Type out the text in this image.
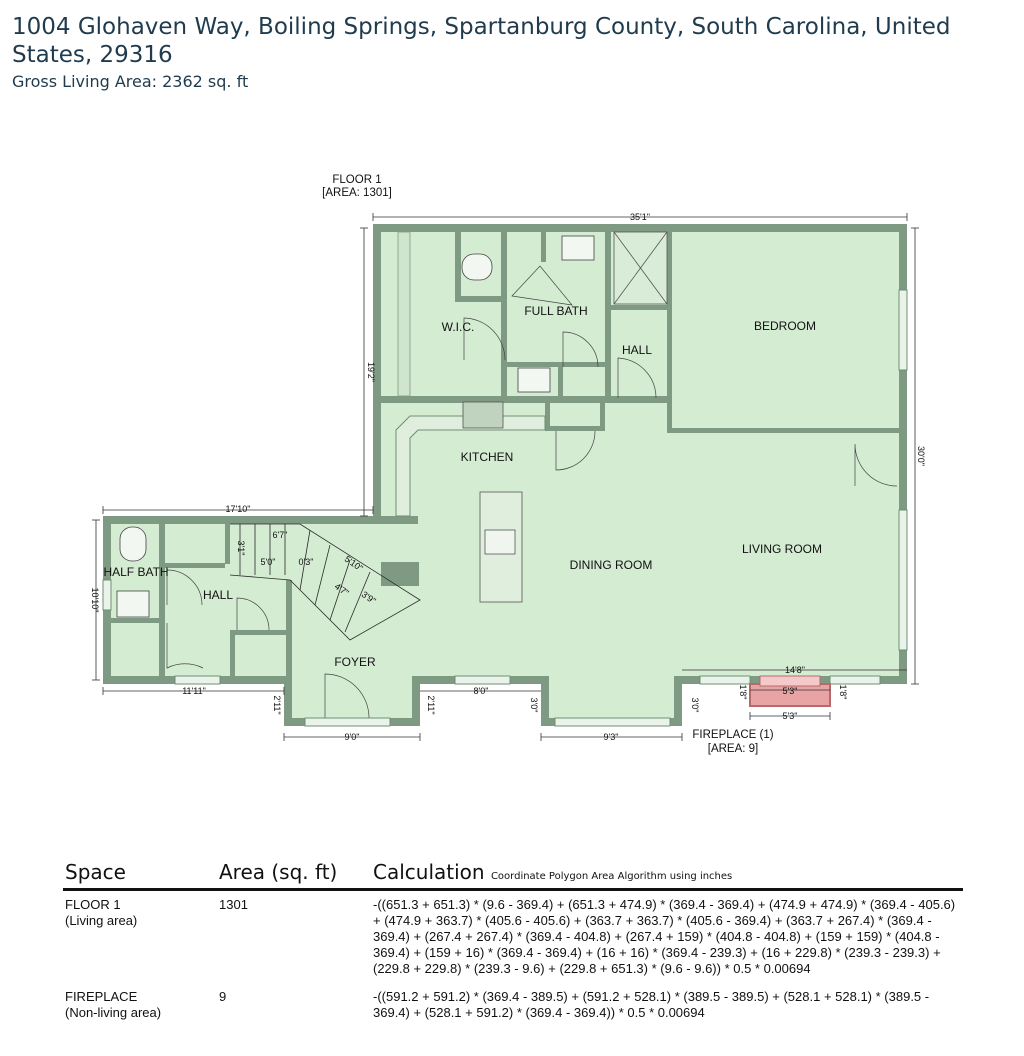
1004 Glohaven Way, Boiling Springs, Spartanburg County, South Carolina, United States, 29316
Gross Living Area: 2362 sq. ft
FLOOR 1
[AREA: 1301]
W.I.C.
FULL BATH
HALL
BEDROOM
KITCHEN
DINING ROOM
LIVING ROOM
HALF BATH
HALL
FOYER
35'1"
19'2"
30'0"
17'10"
10'10"
11'11"
2'11"
9'0"
2'11"
8'0"
3'0"
9'3"
3'0"
14'8"
1'8"	5'3"	1'8"
5'3"
6'7"
3'1"
5'0"	0'3"	5'10"
4'7" 3'9"
FIREPLACE (1)
[AREA: 9]
Space	Area (sq. ft)	Calculation Coordinate Polygon Area Algorithm using inches

FLOOR 1
(Living area)	1301	-((651.3 + 651.3) * (9.6 - 369.4) + (651.3 + 474.9) * (369.4 - 369.4) + (474.9 + 474.9) * (369.4 - 405.6) + (474.9 + 363.7) * (405.6 - 405.6) + (363.7 + 363.7) * (405.6 - 369.4) + (363.7 + 267.4) * (369.4 - 369.4) + (267.4 + 267.4) * (369.4 - 404.8) + (267.4 + 159) * (404.8 - 404.8) + (159 + 159) * (404.8 - 369.4) + (159 + 16) * (369.4 - 369.4) + (16 + 16) * (369.4 - 239.3) + (16 + 229.8) * (239.3 - 239.3) + (229.8 + 229.8) * (239.3 - 9.6) + (229.8 + 651.3) * (9.6 - 9.6)) * 0.5 * 0.00694

FIREPLACE
(Non-living area)	9	-((591.2 + 591.2) * (369.4 - 389.5) + (591.2 + 528.1) * (389.5 - 389.5) + (528.1 + 528.1) * (389.5 - 369.4) + (528.1 + 591.2) * (369.4 - 369.4)) * 0.5 * 0.00694
